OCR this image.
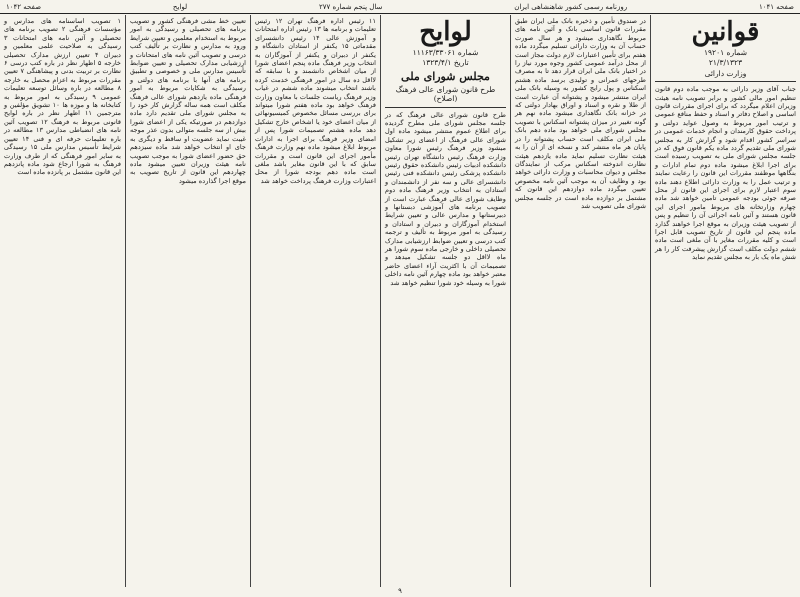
صفحه ۱۰۴۱
روزنامه رسمی کشور شاهنشاهی ایران
سال پنجم شماره ۲۷۷
لوایح
صفحه ۱۰۴۲
قوانین
شماره ۱۹۲۰۱
۲۱/۳/۱۳۲۳
وزارت دارائی

جناب آقای وزیر دارائی به موجب ماده دوم قانون تنظیم امور مالی کشور و برابر تصویب نامه هیئت وزیران اعلام میگردد که برای اجرای مقررات قانون اساسی و اصلاح دفاتر و اسناد و حفظ منافع عمومی و ترتیب امور مربوط به وصول عواید دولتی و پرداخت حقوق کارمندان و انجام خدمات عمومی در سراسر کشور اقدام شود و گزارش کار به مجلس شورای ملی تقدیم گردد ماده یکم قانون فوق که در جلسه مجلس شورای ملی به تصویب رسیده است برای اجرا ابلاغ میشود ماده دوم تمام ادارات و بنگاهها موظفند مقررات این قانون را رعایت نمایند و ترتیب عمل را به وزارت دارائی اطلاع دهند ماده سوم اعتبار لازم برای اجرای این قانون از محل صرفه جوئی بودجه عمومی تامین خواهد شد ماده چهارم وزارتخانه های مربوط مامور اجرای این قانون هستند و آئین نامه اجرائی آن را تنظیم و پس از تصویب هیئت وزیران به موقع اجرا خواهند گذارد ماده پنجم این قانون از تاریخ تصویب قابل اجرا است و کلیه مقررات مغایر با آن ملغی است ماده ششم دولت مکلف است گزارش پیشرفت کار را هر شش ماه یک بار به مجلس تقدیم نماید

در صندوق تأمین و ذخیره بانک ملی ایران طبق مقررات قانون اساسی بانک و آئین نامه های مربوط نگاهداری میشود و هر سال صورت حساب آن به وزارت دارائی تسلیم میگردد ماده هفتم برای تأمین اعتبارات لازم دولت مجاز است از محل درآمد عمومی کشور وجوه مورد نیاز را در اختیار بانک ملی ایران قرار دهد تا به مصرف طرحهای عمرانی و تولیدی برسد ماده هشتم اسکناس و پول رایج کشور به وسیله بانک ملی ایران منتشر میشود و پشتوانه آن عبارت است از طلا و نقره و اسناد و اوراق بهادار دولتی که در خزانه بانک نگاهداری میشود ماده نهم هر گونه تغییر در میزان پشتوانه اسکناس با تصویب مجلس شورای ملی خواهد بود ماده دهم بانک ملی ایران مکلف است حساب پشتوانه را در پایان هر ماه منتشر کند و نسخه ای از آن را به هیئت نظارت تسلیم نماید ماده یازدهم هیئت نظارت اندوخته اسکناس مرکب از نمایندگان مجلس و دیوان محاسبات و وزارت دارائی خواهد بود و وظایف آن به موجب آئین نامه مخصوص تعیین میگردد ماده دوازدهم این قانون که مشتمل بر دوازده ماده است در جلسه مجلس شورای ملی تصویب شد

لوایح
شماره ۱۱۱۶۳/۳۳۰۶۱
تاریخ ۱۳۲۳/۴/۱
مجلس شورای ملی
طرح قانون شورای عالی فرهنگ (اصلاح)

طرح قانون شورای عالی فرهنگ که در جلسه مجلس شورای ملی مطرح گردیده برای اطلاع عموم منتشر میشود ماده اول شورای عالی فرهنگ از اعضای زیر تشکیل میشود وزیر فرهنگ رئیس شورا معاون وزارت فرهنگ رئیس دانشگاه تهران رئیس دانشکده ادبیات رئیس دانشکده حقوق رئیس دانشکده پزشکی رئیس دانشکده فنی رئیس دانشسرای عالی و سه نفر از دانشمندان و استادان به انتخاب وزیر فرهنگ ماده دوم وظایف شورای عالی فرهنگ عبارت است از تصویب برنامه های آموزشی دبستانها و دبیرستانها و مدارس عالی و تعیین شرایط استخدام آموزگاران و دبیران و استادان و رسیدگی به امور مربوط به تألیف و ترجمه کتب درسی و تعیین ضوابط ارزشیابی مدارک تحصیلی داخلی و خارجی ماده سوم شورا هر ماه لااقل دو جلسه تشکیل میدهد و تصمیمات آن با اکثریت آراء اعضای حاضر معتبر خواهد بود ماده چهارم آئین نامه داخلی شورا به وسیله خود شورا تنظیم خواهد شد

۱۱ رئیس اداره فرهنگ تهران ۱۲ رئیس تعلیمات و برنامه ها ۱۳ رئیس اداره امتحانات و آموزش عالی ۱۴ رئیس دانشسرای مقدماتی ۱۵ یکنفر از استادان دانشگاه و یکنفر از دبیران و یکنفر از آموزگاران به انتخاب وزیر فرهنگ ماده پنجم اعضای شورا از میان اشخاص دانشمند و با سابقه که لااقل ده سال در امور فرهنگی خدمت کرده باشند انتخاب میشوند ماده ششم در غیاب وزیر فرهنگ ریاست جلسات با معاون وزارت فرهنگ خواهد بود ماده هفتم شورا میتواند برای بررسی مسائل مخصوص کمیسیونهائی از میان اعضای خود یا اشخاص خارج تشکیل دهد ماده هشتم تصمیمات شورا پس از امضای وزیر فرهنگ برای اجرا به ادارات مربوط ابلاغ میشود ماده نهم وزارت فرهنگ مأمور اجرای این قانون است و مقررات سابق که با این قانون مغایر باشد ملغی است ماده دهم بودجه شورا از محل اعتبارات وزارت فرهنگ پرداخت خواهد شد

تعیین خط مشی فرهنگی کشور و تصویب برنامه های تحصیلی و رسیدگی به امور مربوط به استخدام معلمین و تعیین شرایط ورود به مدارس و نظارت بر تألیف کتب درسی و تصویب آئین نامه های امتحانات و ارزشیابی مدارک تحصیلی و تعیین ضوابط تأسیس مدارس ملی و خصوصی و تطبیق برنامه های آنها با برنامه های دولتی و رسیدگی به شکایات مربوط به امور فرهنگی ماده یازدهم شورای عالی فرهنگ مکلف است همه ساله گزارش کار خود را به مجلس شورای ملی تقدیم دارد ماده دوازدهم در صورتیکه یکی از اعضای شورا بیش از سه جلسه متوالی بدون عذر موجه غیبت نماید عضویت او ساقط و دیگری به جای او انتخاب خواهد شد ماده سیزدهم حق حضور اعضای شورا به موجب تصویب نامه هیئت وزیران تعیین میشود ماده چهاردهم این قانون از تاریخ تصویب به موقع اجرا گذارده میشود

۱ تصویب اساسنامه های مدارس و مؤسسات فرهنگی ۲ تصویب برنامه های تحصیلی و آئین نامه های امتحانات ۳ رسیدگی به صلاحیت علمی معلمین و دبیران ۴ تعیین ارزش مدارک تحصیلی خارجه ۵ اظهار نظر در باره کتب درسی ۶ نظارت بر تربیت بدنی و پیشاهنگی ۷ تعیین مقررات مربوط به اعزام محصل به خارجه ۸ مطالعه در باره وسائل توسعه تعلیمات عمومی ۹ رسیدگی به امور مربوط به کتابخانه ها و موزه ها ۱۰ تشویق مؤلفین و مترجمین ۱۱ اظهار نظر در باره لوایح قانونی مربوط به فرهنگ ۱۲ تصویب آئین نامه های انضباطی مدارس ۱۳ مطالعه در باره تعلیمات حرفه ای و فنی ۱۴ تعیین شرایط تأسیس مدارس ملی ۱۵ رسیدگی به سایر امور فرهنگی که از طرف وزارت فرهنگ به شورا ارجاع شود ماده پانزدهم این قانون مشتمل بر پانزده ماده است

۹
